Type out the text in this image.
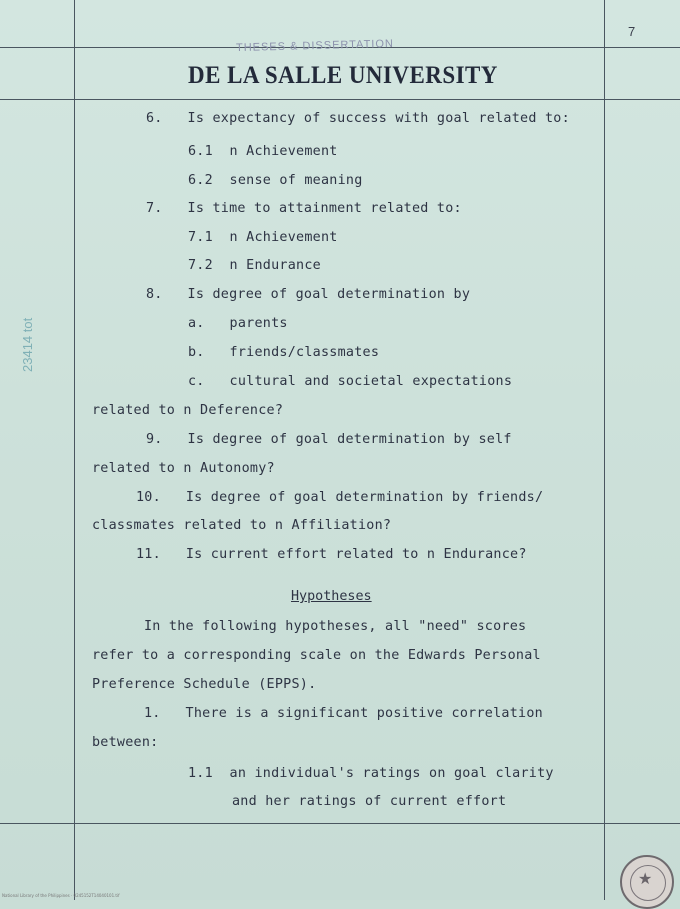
THESES & DISSERTATION
DE LA SALLE UNIVERSITY
7
23414 tot
6.   Is expectancy of success with goal related to:
6.1  n Achievement
6.2  sense of meaning
7.   Is time to attainment related to:
7.1  n Achievement
7.2  n Endurance
8.   Is degree of goal determination by
a.   parents
b.   friends/classmates
c.   cultural and societal expectations
related to n Deference?
9.   Is degree of goal determination by self
related to n Autonomy?
10.   Is degree of goal determination by friends/
classmates related to n Affiliation?
11.   Is current effort related to n Endurance?
Hypotheses
In the following hypotheses, all "need" scores
refer to a corresponding scale on the Edwards Personal
Preference Schedule (EPPS).
1.   There is a significant positive correlation
between:
1.1  an individual's ratings on goal clarity
and her ratings of current effort
★
National Library of the Philippines · 0245152T14040101.tif
